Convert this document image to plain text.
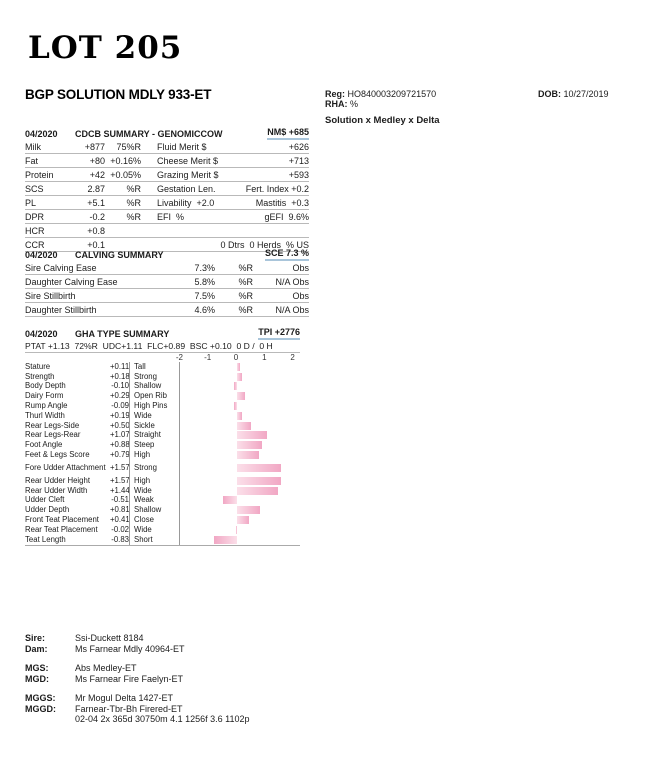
LOT 205
BGP SOLUTION MDLY 933-ET	Reg: HO840003209721570
RHA: %
DOB: 10/27/2019
Solution x Medley x Delta
04/2020	CDCB SUMMARY - GENOMICCOW	NM$ +685
Milk	+877	75%R	Fluid Merit $	+626
Fat	+80 +0.16%	Cheese Merit $	+713
Protein	+42 +0.05%	Grazing Merit $	+593
SCS	2.87	%R	Gestation Len.	Fert. Index +0.2
PL	+5.1	%R	Livability  +2.0	Mastitis  +0.3
DPR	-0.2	%R	EFI  %	gEFI  9.6%
HCR	+0.8
CCR	+0.1	0 Dtrs  0 Herds  % US
04/2020	CALVING SUMMARY	SCE 7.3 %
Sire Calving Ease	7.3%	%R	Obs
Daughter Calving Ease	5.8%	%R	N/A Obs
Sire Stillbirth	7.5%	%R	Obs
Daughter Stillbirth	4.6%	%R	N/A Obs
04/2020	GHA TYPE SUMMARY	TPI +2776
PTAT +1.13  72%R  UDC+1.11  FLC+0.89  BSC +0.10  0 D /  0 H
-2	-1	0	1	2
Stature	+0.11 Tall
Strength	+0.18 Strong
Body Depth	-0.10 Shallow
Dairy Form	+0.29 Open Rib
Rump Angle	-0.09 High Pins
Thurl Width	+0.19 Wide
Rear Legs-Side	+0.50 Sickle
Rear Legs-Rear	+1.07 Straight
Foot Angle	+0.88 Steep
Feet & Legs Score	+0.79 High
Fore Udder Attachment +1.57 Strong
Rear Udder Height	+1.57 High
Rear Udder Width	+1.44 Wide
Udder Cleft	-0.51 Weak
Udder Depth	+0.81 Shallow
Front Teat Placement	+0.41 Close
Rear Teat Placement	-0.02 Wide
Teat Length	-0.83 Short
Sire:	Ssi-Duckett 8184
Dam:	Ms Farnear Mdly 40964-ET
MGS:	Abs Medley-ET
MGD:	Ms Farnear Fire Faelyn-ET
MGGS:	Mr Mogul Delta 1427-ET
MGGD:	Farnear-Tbr-Bh Firered-ET
02-04 2x 365d 30750m 4.1 1256f 3.6 1102p
